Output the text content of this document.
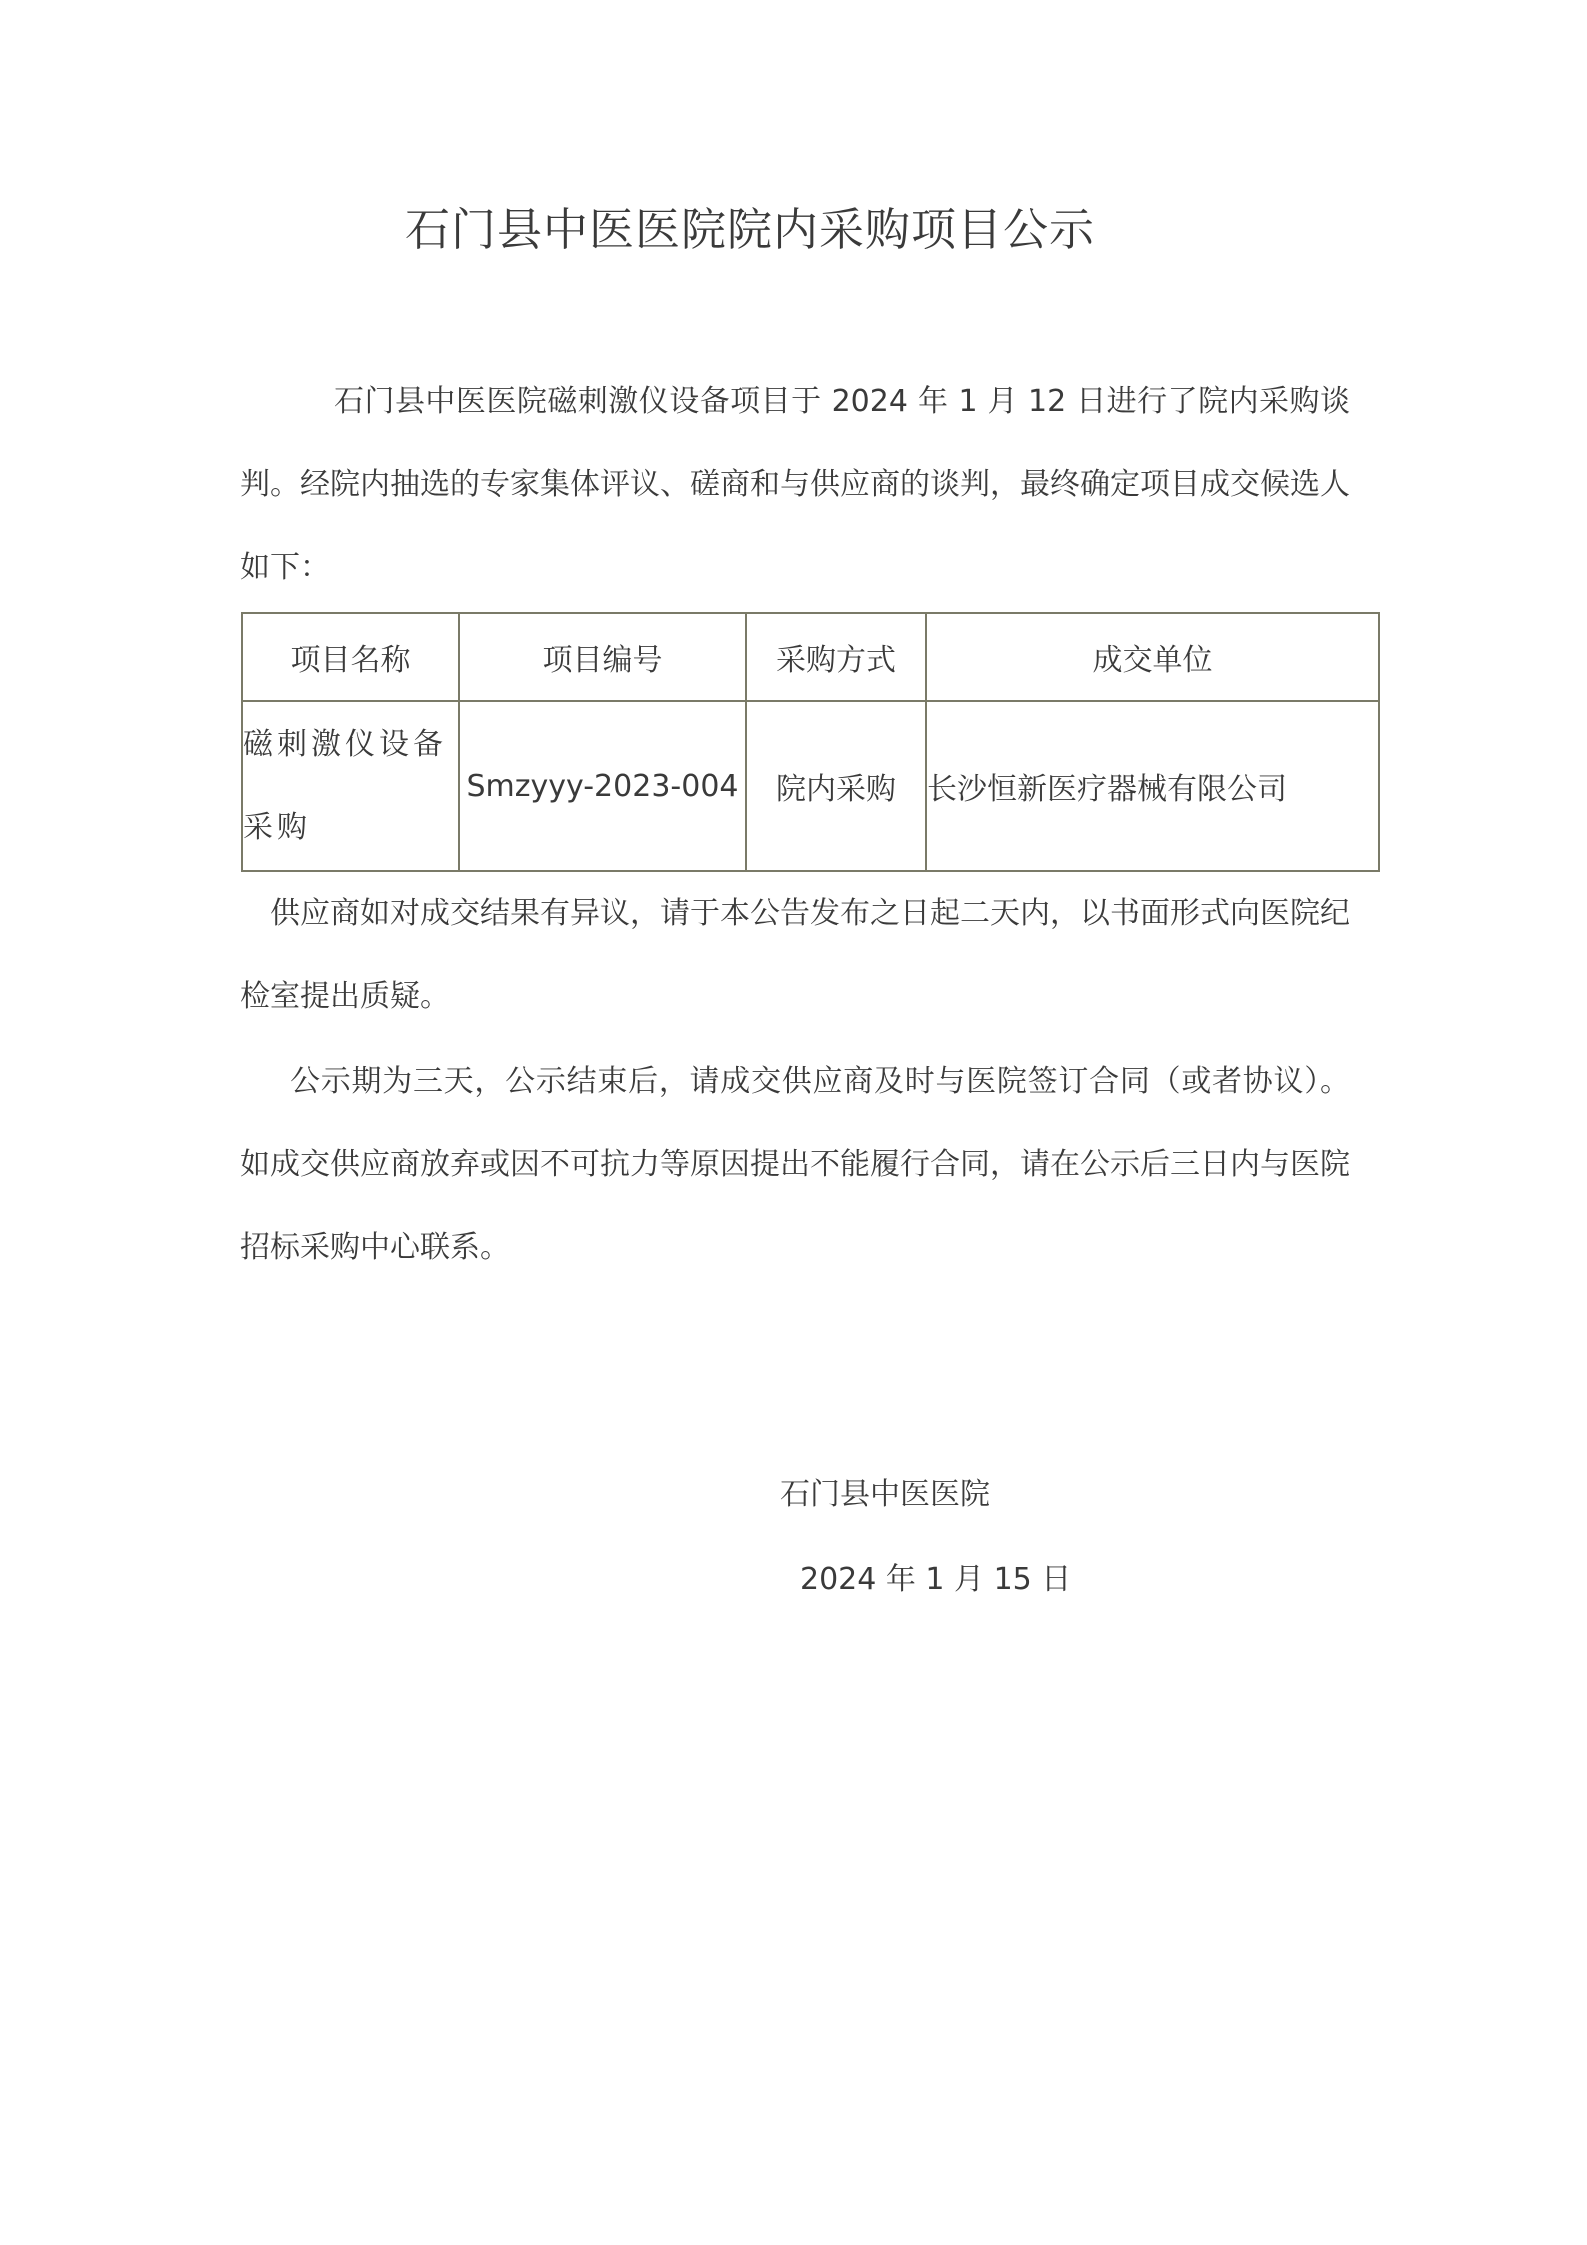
石门县中医医院院内采购项目公示

石门县中医医院磁刺激仪设备项目于 2024 年 1 月 12 日进行了院内采购谈判。经院内抽选的专家集体评议、磋商和与供应商的谈判，最终确定项目成交候选人如下：

项目名称	项目编号	采购方式	成交单位
磁刺激仪设备采购	Smzyyy-2023-004	院内采购	长沙恒新医疗器械有限公司

供应商如对成交结果有异议，请于本公告发布之日起二天内，以书面形式向医院纪检室提出质疑。

公示期为三天，公示结束后，请成交供应商及时与医院签订合同（或者协议）。如成交供应商放弃或因不可抗力等原因提出不能履行合同，请在公示后三日内与医院招标采购中心联系。

石门县中医医院
2024 年 1 月 15 日
